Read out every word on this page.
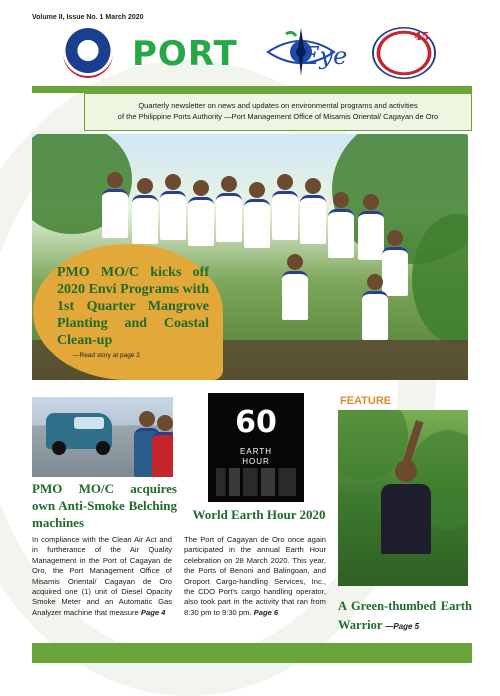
Volume II, Issue No. 1 March 2020
PORT	Eye
45
Quarterly newsletter on news and updates on environmental programs and activities
of the Philippine Ports Authority —Port Management Office of Misamis Oriental/ Cagayan de Oro
PMO MO/C kicks off 2020 Envi Programs with 1st Quarter Mangrove Planting and Coastal Clean-up
—Read story at page 2
PMO MO/C acquires own Anti-Smoke Belching machines
In compliance with the Clean Air Act and in furtherance of the Air Quality Management in the Port of Cagayan de Oro, the Port Management Office of Misamis Oriental/ Cagayan de Oro acquired one (1) unit of Diesel Opacity Smoke Meter and an Automatic Gas Analyzer machine that measure Page 4
60
EARTH
HOUR
World Earth Hour 2020
The Port of Cagayan de Oro once again participated in the annual Earth Hour celebration on 28 March 2020. This year, the Ports of Benoni and Balingoan, and Oroport Cargo-handling Services, Inc., the CDO Port's cargo handling operator, also took part in the activity that ran from 8:30 pm to 9:30 pm. Page 6
FEATURE
A Green-thumbed Earth Warrior —Page 5
